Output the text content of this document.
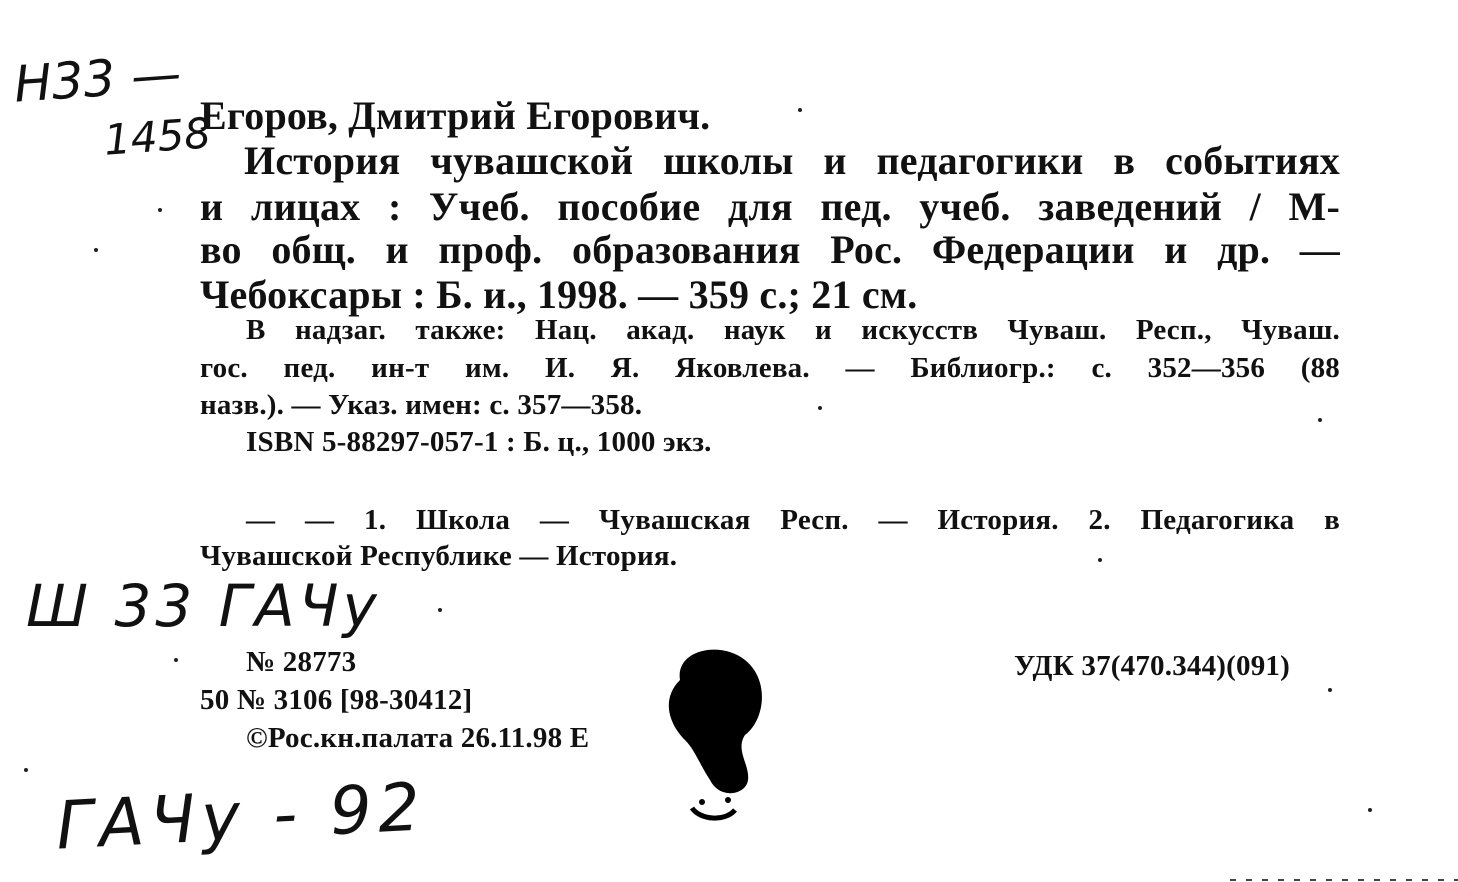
Н33 —
1458
Егоров, Дмитрий Егорович.
История чувашской школы и педагогики в событиях
и лицах : Учеб. пособие для пед. учеб. заведений / М-
во общ. и проф. образования Рос. Федерации и др. —
Чебоксары : Б. и., 1998. — 359 с.; 21 см.
В надзаг. также: Нац. акад. наук и искусств Чуваш. Респ., Чуваш.
гос. пед. ин-т им. И. Я. Яковлева. — Библиогр.: с. 352—356 (88
назв.). — Указ. имен: с. 357—358.
ISBN 5-88297-057-1 : Б. ц., 1000 экз.
— — 1. Школа — Чувашская Респ. — История. 2. Педагогика в
Чувашской Республике — История.
Ш 33 ГАЧу
№ 28773
50 № 3106 [98-30412]
УДК 37(470.344)(091)
©Рос.кн.палата 26.11.98 Е
ГАЧу - 92
